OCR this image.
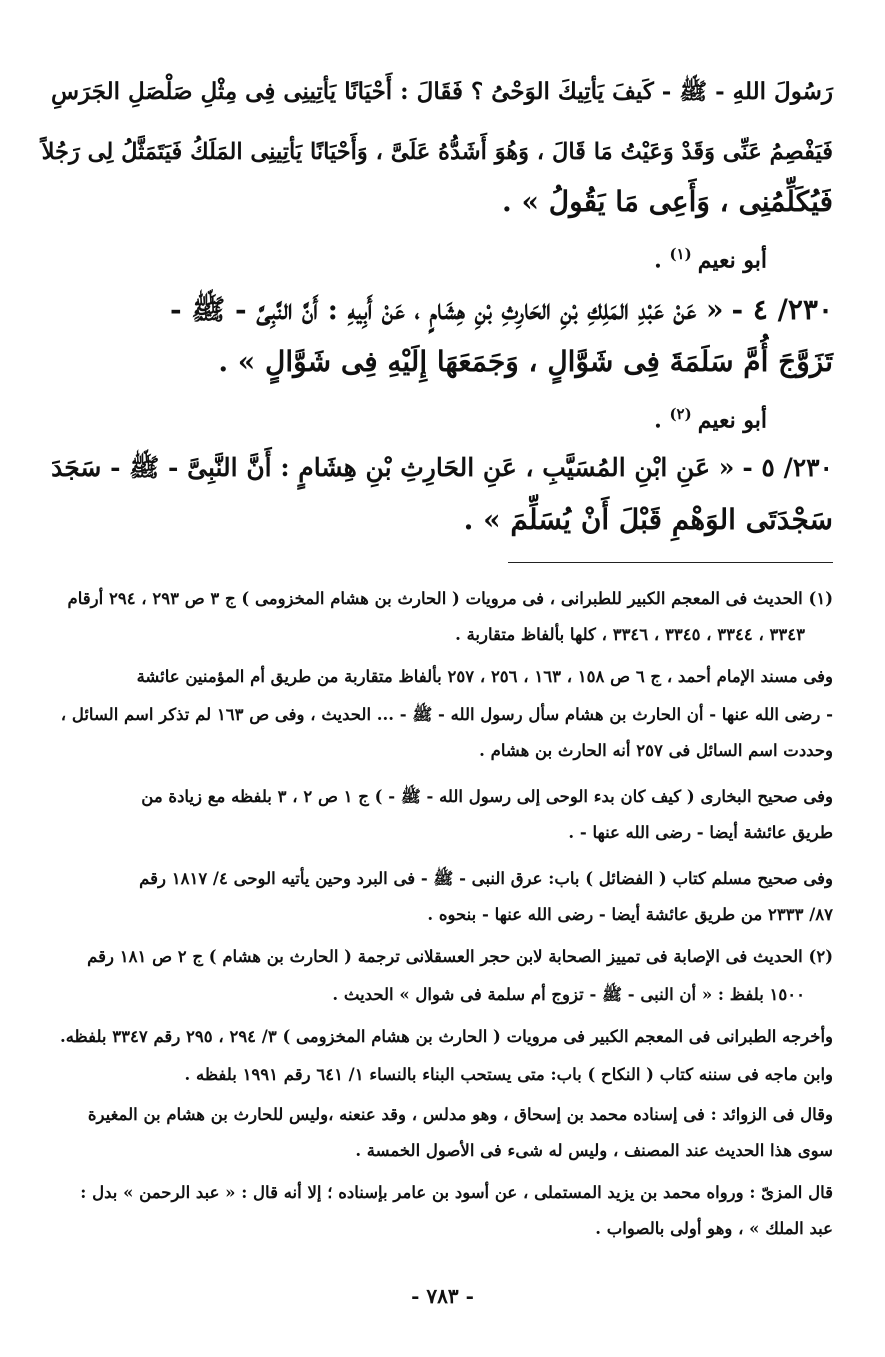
رَسُولَ اللهِ - ﷺ - كَيفَ يَأتِيكَ الوَحْىُ ؟ فَقَالَ : أَحْيَانًا يَأتِينِى فِى مِثْلِ صَلْصَلِ الجَرَسِ
فَيَفْصِمُ عَنِّى وَقَدْ وَعَيْتُ مَا قَالَ ، وَهُوَ أَشَدُّهُ عَلَىَّ ، وَأَحْيَانًا يَأتِينِى المَلَكُ فَيَتَمَثَّلُ لِى رَجُلاً
فَيُكَلِّمُنِى ، وَأَعِى مَا يَقُولُ » .
أبو نعيم$^{(١)}$ .
٢٣٠/ ٤ -« عَنْ عَبْدِ المَلِكِ بْنِ الحَارِثِ بْنِ هِشَامٍ ، عَنْ أَبِيهِ : أَنَّ النَّبِىَّ - ﷺ -
تَزَوَّجَ أُمَّ سَلَمَةَ فِى شَوَّالٍ ، وَجَمَعَهَا إِلَيْهِ فِى شَوَّالٍ » .
أبو نعيم$^{(٢)}$ .
٢٣٠/ ٥ -« عَنِ ابْنِ المُسَيَّبِ ، عَنِ الحَارِثِ بْنِ هِشَامٍ : أَنَّ النَّبِىَّ - ﷺ - سَجَدَ
سَجْدَتَى الوَهْمِ قَبْلَ أَنْ يُسَلِّمَ » .
(١) الحديث فى المعجم الكبير للطبرانى ، فى مرويات ( الحارث بن هشام المخزومى ) ج ٣ ص ٢٩٣ ، ٢٩٤ أرقام
٣٣٤٣ ، ٣٣٤٤ ، ٣٣٤٥ ، ٣٣٤٦ ، كلها بألفاظ متقاربة .
وفى مسند الإمام أحمد ، ج ٦ ص ١٥٨ ، ١٦٣ ، ٢٥٦ ، ٢٥٧ بألفاظ متقاربة من طريق أم المؤمنين عائشة
- رضى الله عنها - أن الحارث بن هشام سأل رسول الله - ﷺ - ... الحديث ، وفى ص ١٦٣ لم تذكر اسم السائل ،
وحددت اسم السائل فى ٢٥٧ أنه الحارث بن هشام .
وفى صحيح البخارى ( كيف كان بدء الوحى إلى رسول الله - ﷺ - ) ج ١ ص ٢ ، ٣ بلفظه مع زيادة من
طريق عائشة أيضا - رضى الله عنها - .
وفى صحيح مسلم كتاب ( الفضائل ) باب: عرق النبى - ﷺ - فى البرد وحين يأتيه الوحى ٤/ ١٨١٧ رقم
٨٧/ ٢٣٣٣ من طريق عائشة أيضا - رضى الله عنها - بنحوه .
(٢) الحديث فى الإصابة فى تمييز الصحابة لابن حجر العسقلانى ترجمة ( الحارث بن هشام ) ج ٢ ص ١٨١ رقم
١٥٠٠ بلفظ : « أن النبى - ﷺ - تزوج أم سلمة فى شوال » الحديث .
وأخرجه الطبرانى فى المعجم الكبير فى مرويات ( الحارث بن هشام المخزومى ) ٣/ ٢٩٤ ، ٢٩٥ رقم ٣٣٤٧ بلفظه.
وابن ماجه فى سننه كتاب ( النكاح ) باب: متى يستحب البناء بالنساء ١/ ٦٤١ رقم ١٩٩١ بلفظه .
وقال فى الزوائد : فى إسناده محمد بن إسحاق ، وهو مدلس ، وقد عنعنه ،وليس للحارث بن هشام بن المغيرة
سوى هذا الحديث عند المصنف ، وليس له شىء فى الأصول الخمسة .
قال المزىّ : ورواه محمد بن يزيد المستملى ، عن أسود بن عامر بإسناده ؛ إلا أنه قال : « عبد الرحمن » بدل :
عبد الملك » ، وهو أولى بالصواب .
- ٧٨٣ -
